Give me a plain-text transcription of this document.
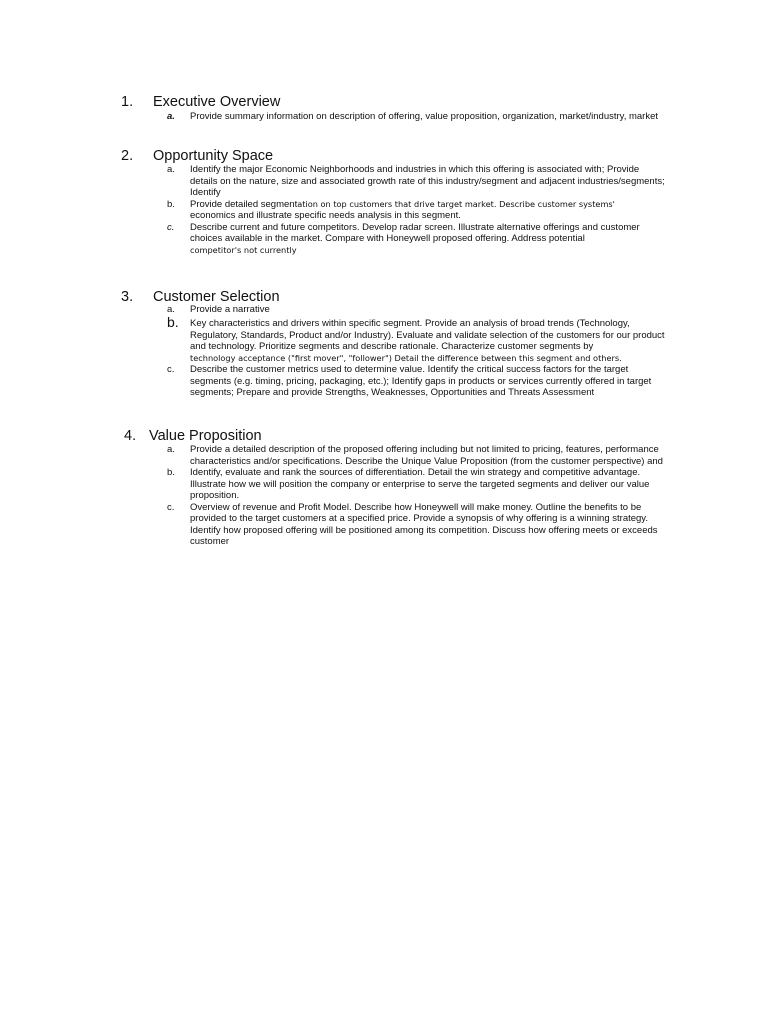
1. Executive Overview
a. Provide summary information on description of offering, value proposition, organization, market/industry, market
2. Opportunity Space
a. Identify the major Economic Neighborhoods and industries in which this offering is associated with; Provide details on the nature, size and associated growth rate of this industry/segment and adjacent industries/segments; Identify
b. Provide detailed segmentation on top customers that drive target market. Describe customer systems'
economics and illustrate specific needs analysis in this segment.
c. Describe current and future competitors. Develop radar screen. Illustrate alternative offerings and customer choices available in the market. Compare with Honeywell proposed offering. Address potential
competitor's not currently
3. Customer Selection
a. Provide a narrative
b. Key characteristics and drivers within specific segment. Provide an analysis of broad trends (Technology, Regulatory, Standards, Product and/or Industry). Evaluate and validate selection of the customers for our product and technology. Prioritize segments and describe rationale. Characterize customer segments by
technology acceptance ("first mover", "follower") Detail the difference between this segment and others.
c. Describe the customer metrics used to determine value. Identify the critical success factors for the target segments (e.g. timing, pricing, packaging, etc.); Identify gaps in products or services currently offered in target segments; Prepare and provide Strengths, Weaknesses, Opportunities and Threats Assessment
4. Value Proposition
a. Provide a detailed description of the proposed offering including but not limited to pricing, features, performance characteristics and/or specifications. Describe the Unique Value Proposition (from the customer perspective) and
b. Identify, evaluate and rank the sources of differentiation. Detail the win strategy and competitive advantage. Illustrate how we will position the company or enterprise to serve the targeted segments and deliver our value proposition.
c. Overview of revenue and Profit Model. Describe how Honeywell will make money. Outline the benefits to be provided to the target customers at a specified price. Provide a synopsis of why offering is a winning strategy. Identify how proposed offering will be positioned among its competition. Discuss how offering meets or exceeds customer
